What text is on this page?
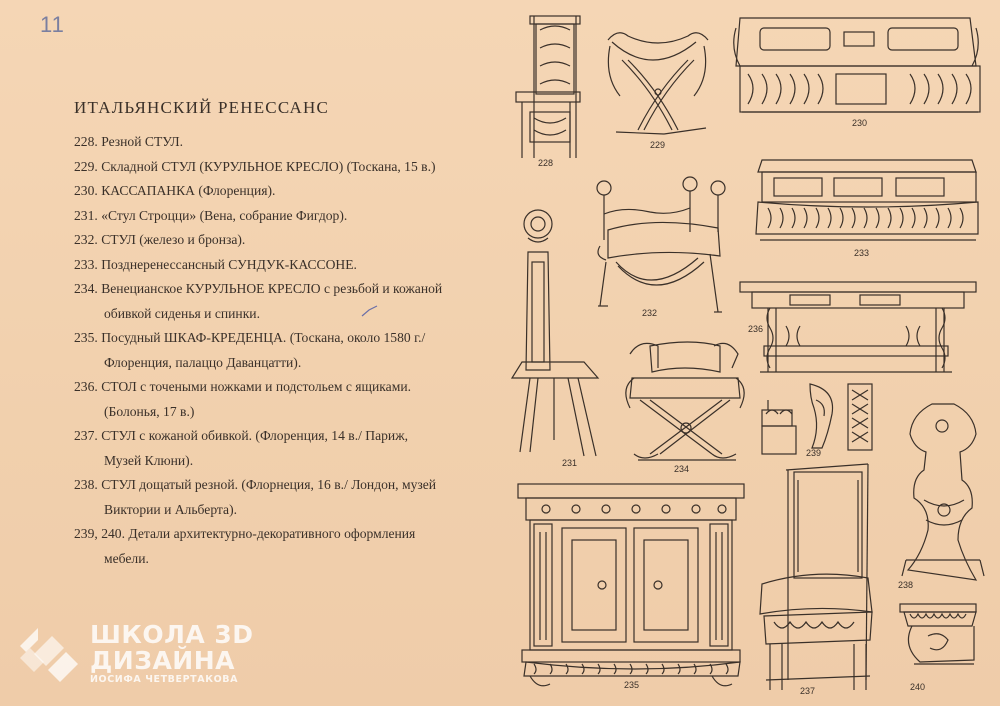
11
ИТАЛЬЯНСКИЙ РЕНЕССАНС

228. Резной СТУЛ.

229. Складной СТУЛ (КУРУЛЬНОЕ КРЕСЛО) (Тоскана, 15 в.)

230. КАССАПАНКА (Флоренция).

231. «Стул Строцци» (Вена, собрание Фигдор).

232. СТУЛ (железо и бронза).

233. Позднеренессансный СУНДУК-КАССОНЕ.

234. Венецианское КУРУЛЬНОЕ КРЕСЛО с резьбой и кожаной
обивкой сиденья и спинки.

235. Посудный ШКАФ-КРЕДЕНЦА. (Тоскана, около 1580 г./
Флоренция, палаццо Даванцатти).

236. СТОЛ с точеными ножками и подстольем с ящиками.
(Болонья, 17 в.)

237. СТУЛ с кожаной обивкой. (Флоренция, 14 в./ Париж,
Музей Клюни).

238. СТУЛ дощатый резной. (Флорнеция, 16 в./ Лондон, музей
Виктории и Альберта).

239, 240. Детали архитектурно-декоративного оформления
мебели.

228
229
230
233
231
232
236
234
239
238
235
237	240
ШКОЛА 3D
ДИЗАЙНА
ИОСИФА ЧЕТВЕРТАКОВА
